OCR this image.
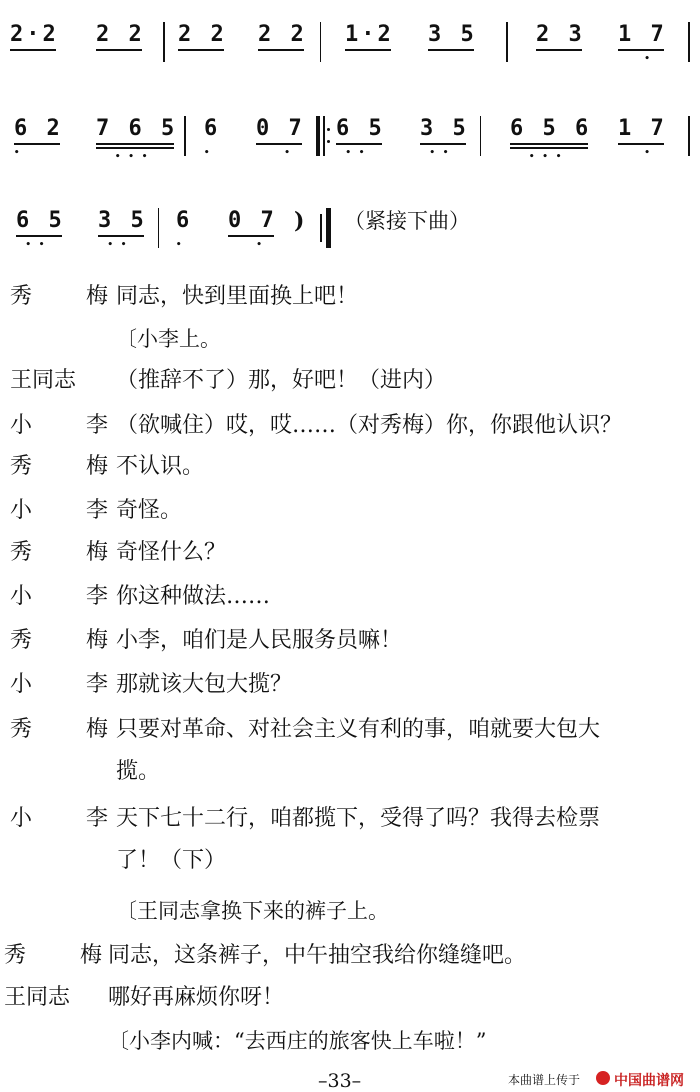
2·2 2 2 2 2 2 2 1·2 3 5	2 3 1 7
•
6 2
•
7 6 5
•••
6
•
0 7
•
6 5
••
3 5
••
6 5 6
•••
1 7
•
6 5
••
3 5
••
6
•
0 7
•
) （紧接下曲）
秀 梅 同志，快到里面换上吧！
〔小李上。
王同志 （推辞不了）那，好吧！（进内）
小 李 （欲喊住）哎，哎……（对秀梅）你，你跟他认识？
秀 梅 不认识。
小 李 奇怪。
秀 梅 奇怪什么？
小 李 你这种做法……
秀 梅 小李，咱们是人民服务员嘛！
小 李 那就该大包大揽？
秀 梅 只要对革命、对社会主义有利的事，咱就要大包大
揽。
小 李 天下七十二行，咱都揽下，受得了吗？我得去检票
了！（下）
〔王同志拿换下来的裤子上。
秀 梅 同志，这条裤子，中午抽空我给你缝缝吧。
王同志 哪好再麻烦你呀！
〔小李内喊：“去西庄的旅客快上车啦！”
–33–	本曲谱上传于 中国曲谱网
